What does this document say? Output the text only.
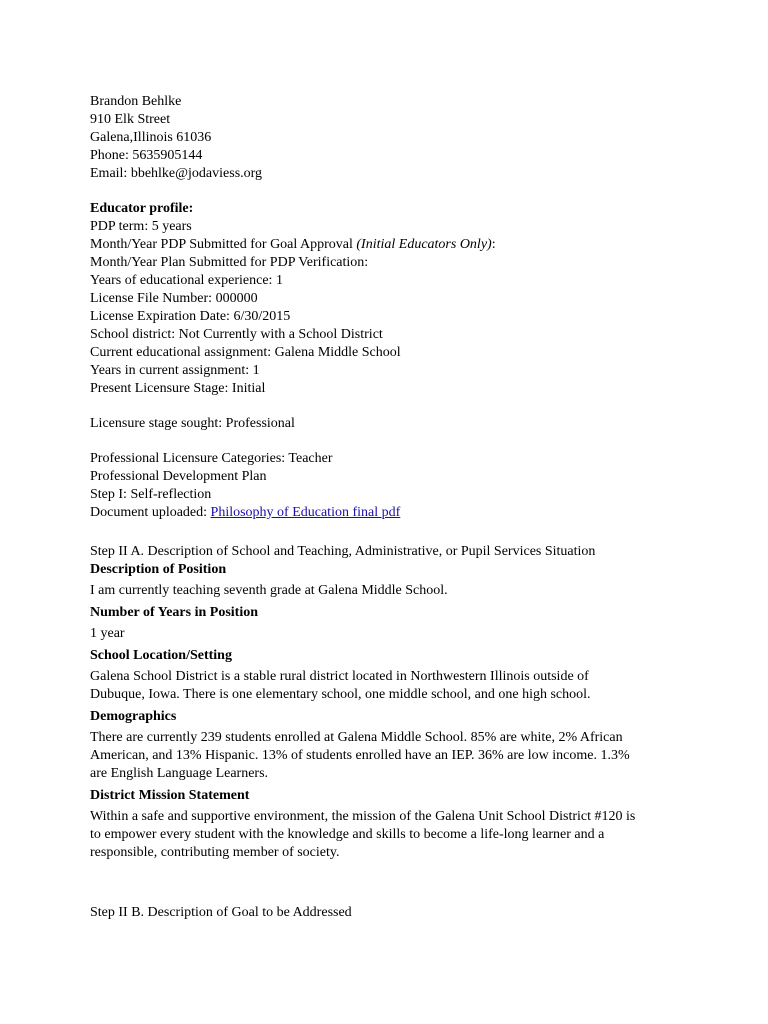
Brandon Behlke
910 Elk Street
Galena,Illinois 61036
Phone: 5635905144
Email: bbehlke@jodaviess.org
Educator profile:
PDP term: 5 years
Month/Year PDP Submitted for Goal Approval (Initial Educators Only):
Month/Year Plan Submitted for PDP Verification:
Years of educational experience: 1
License File Number: 000000
License Expiration Date: 6/30/2015
School district: Not Currently with a School District
Current educational assignment: Galena Middle School
Years in current assignment: 1
Present Licensure Stage: Initial
Licensure stage sought: Professional
Professional Licensure Categories: Teacher
Professional Development Plan
Step I: Self-reflection
Document uploaded: Philosophy of Education final pdf
Step II A. Description of School and Teaching, Administrative, or Pupil Services Situation
Description of Position
I am currently teaching seventh grade at Galena Middle School.
Number of Years in Position
1 year
School Location/Setting
Galena School District is a stable rural district located in Northwestern Illinois outside of
Dubuque, Iowa. There is one elementary school, one middle school, and one high school.
Demographics
There are currently 239 students enrolled at Galena Middle School. 85% are white, 2% African
American, and 13% Hispanic. 13% of students enrolled have an IEP. 36% are low income. 1.3%
are English Language Learners.
District Mission Statement
Within a safe and supportive environment, the mission of the Galena Unit School District #120 is
to empower every student with the knowledge and skills to become a life-long learner and a
responsible, contributing member of society.
Step II B. Description of Goal to be Addressed
